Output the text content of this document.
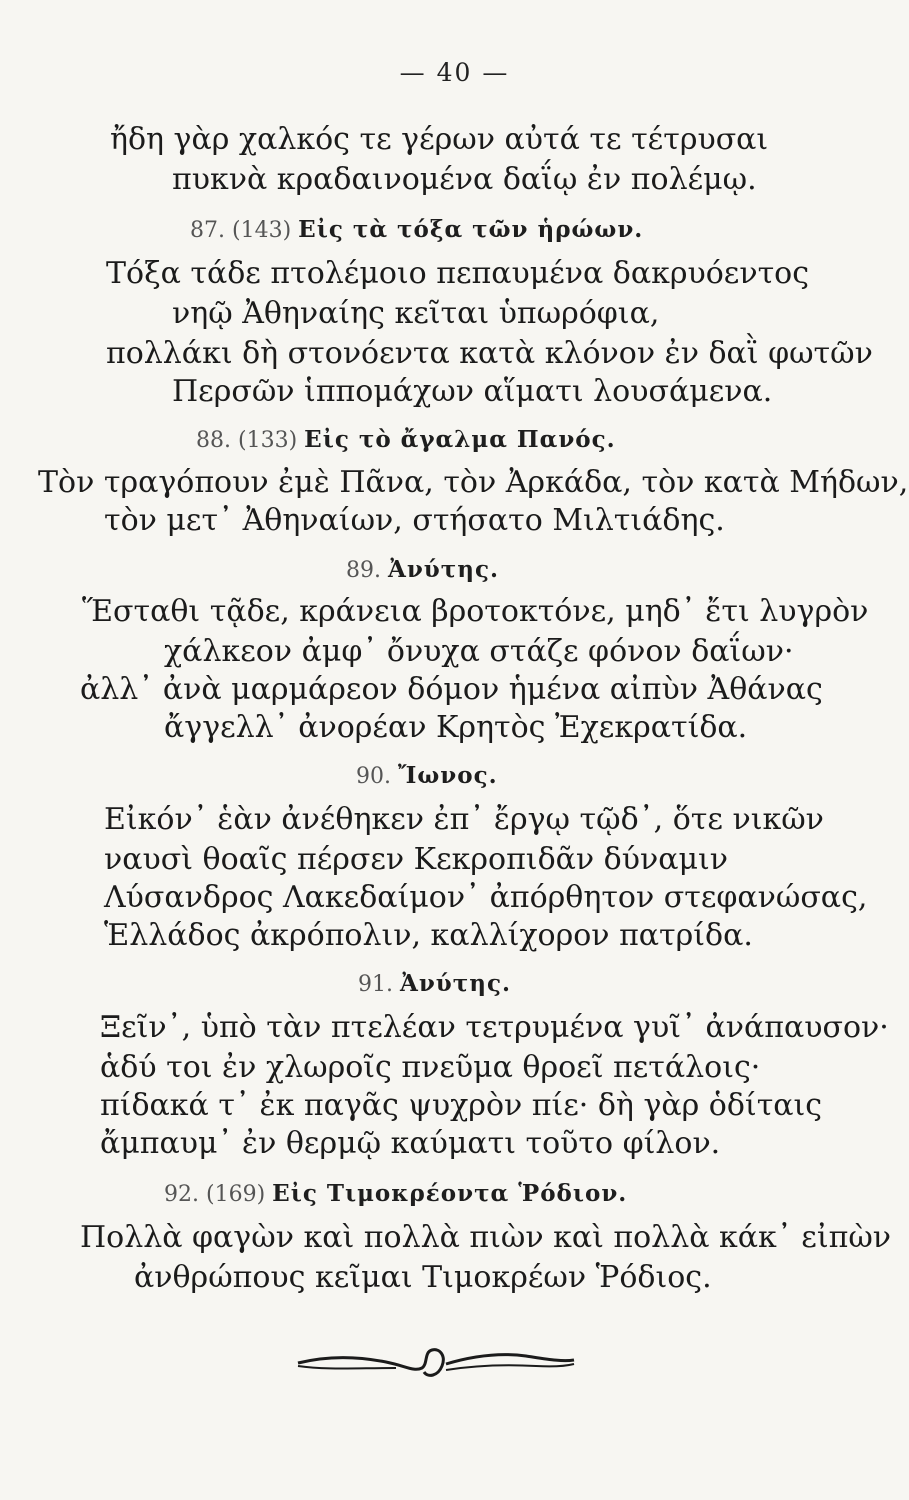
— 40 —
ἤδη γὰρ χαλκός τε γέρων αὐτά τε τέτρυσαι
πυκνὰ κραδαινομένα δαΐῳ ἐν πολέμῳ.
87. (143) Εἰς τὰ τόξα τῶν ἡρώων.
Τόξα τάδε πτολέμοιο πεπαυμένα δακρυόεντος
νηῷ Ἀθηναίης κεῖται ὑπωρόφια,
πολλάκι δὴ στονόεντα κατὰ κλόνον ἐν δαῒ φωτῶν
Περσῶν ἱππομάχων αἵματι λουσάμενα.
88. (133) Εἰς τὸ ἄγαλμα Πανός.
Τὸν τραγόπουν ἐμὲ Πᾶνα, τὸν Ἀρκάδα, τὸν κατὰ Μήδων,
τὸν μετ᾽ Ἀθηναίων, στήσατο Μιλτιάδης.
89. Ἀνύτης.
Ἕσταθι τᾷδε, κράνεια βροτοκτόνε, μηδ᾽ ἔτι λυγρὸν
χάλκεον ἀμφ᾽ ὄνυχα στάζε φόνον δαΐων·
ἀλλ᾽ ἀνὰ μαρμάρεον δόμον ἡμένα αἰπὺν Ἀθάνας
ἄγγελλ᾽ ἀνορέαν Κρητὸς Ἐχεκρατίδα.
90. Ἴωνος.
Εἰκόν᾽ ἑὰν ἀνέθηκεν ἐπ᾽ ἔργῳ τῷδ᾽, ὅτε νικῶν
ναυσὶ θοαῖς πέρσεν Κεκροπιδᾶν δύναμιν
Λύσανδρος Λακεδαίμον᾽ ἀπόρθητον στεφανώσας,
Ἑλλάδος ἀκρόπολιν, καλλίχορον πατρίδα.
91. Ἀνύτης.
Ξεῖν᾽, ὑπὸ τὰν πτελέαν τετρυμένα γυῖ᾽ ἀνάπαυσον·
ἁδύ τοι ἐν χλωροῖς πνεῦμα θροεῖ πετάλοις·
πίδακά τ᾽ ἐκ παγᾶς ψυχρὸν πίε· δὴ γὰρ ὁδίταις
ἄμπαυμ᾽ ἐν θερμῷ καύματι τοῦτο φίλον.
92. (169) Εἰς Τιμοκρέοντα Ῥόδιον.
Πολλὰ φαγὼν καὶ πολλὰ πιὼν καὶ πολλὰ κάκ᾽ εἰπὼν
ἀνθρώπους κεῖμαι Τιμοκρέων Ῥόδιος.
